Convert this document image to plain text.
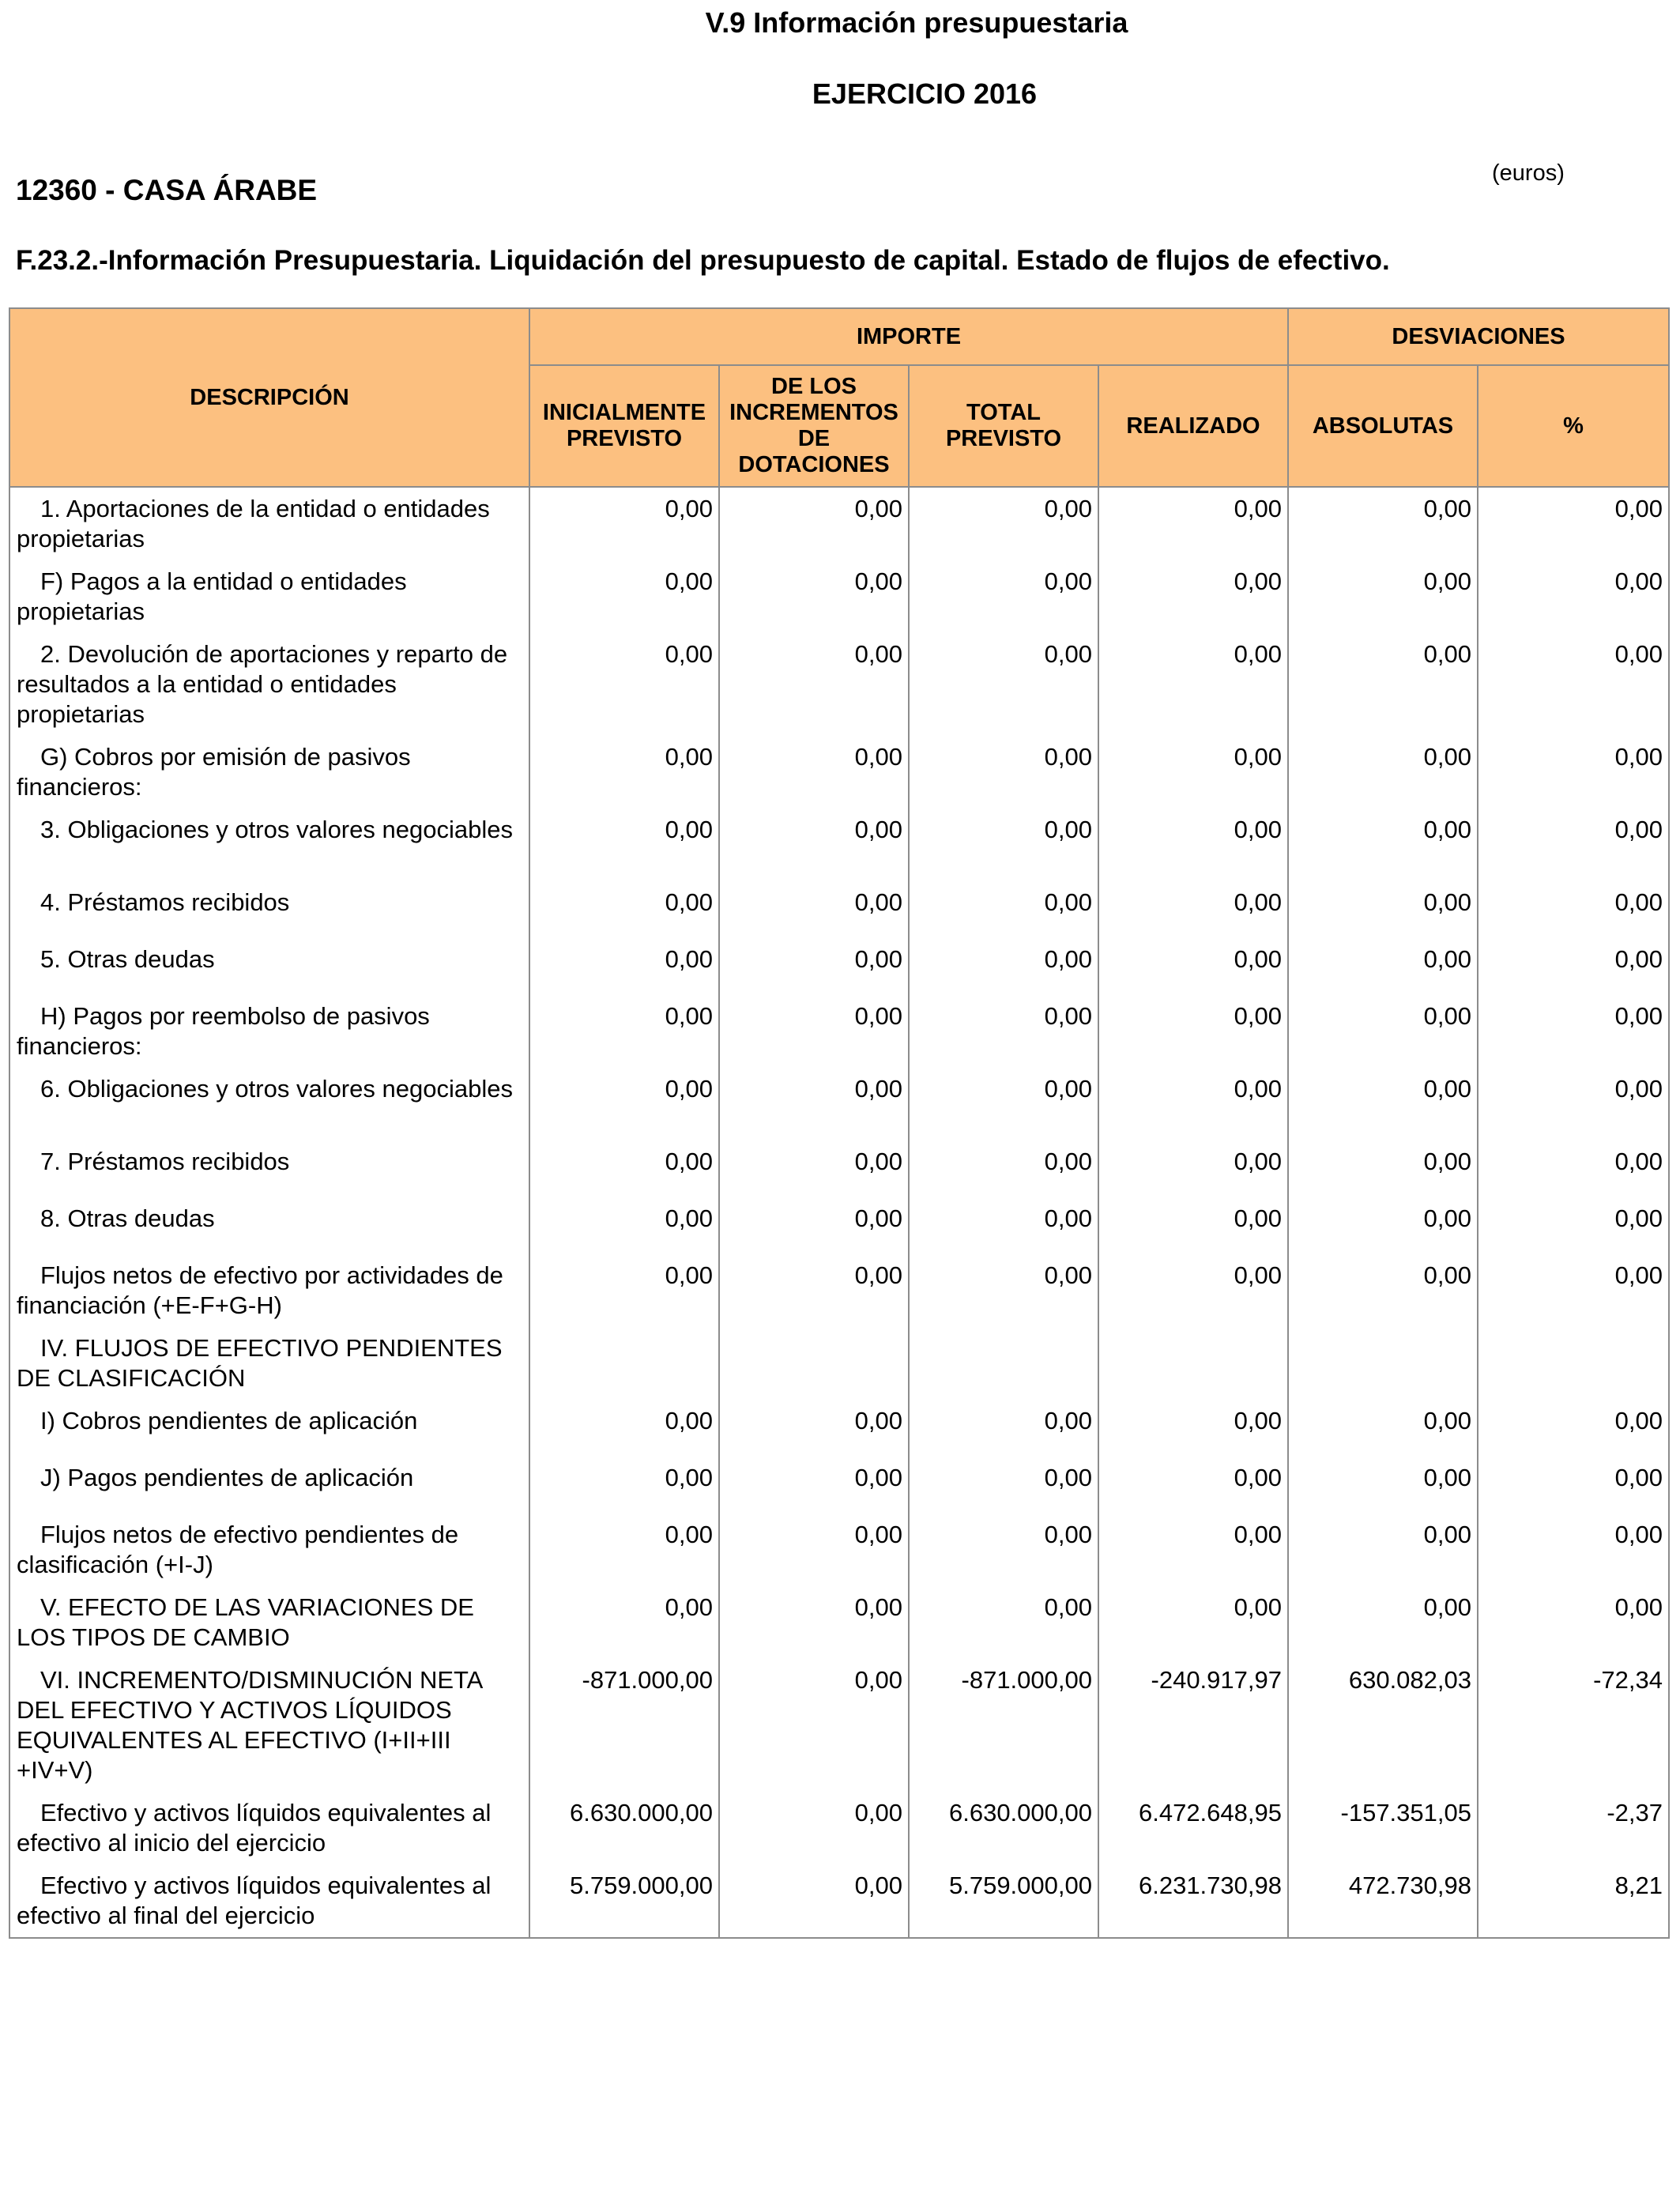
V.9 Información presupuestaria
EJERCICIO 2016
12360 - CASA ÁRABE
(euros)
F.23.2.-Información Presupuestaria. Liquidación del presupuesto de capital. Estado de flujos de efectivo.
DESCRIPCIÓN	IMPORTE				DESVIACIONES	
	INICIALMENTE PREVISTO	DE LOS INCREMENTOS DE DOTACIONES	TOTAL PREVISTO	REALIZADO	ABSOLUTAS	%
1. Aportaciones de la entidad o entidades propietarias	0,00	0,00	0,00	0,00	0,00	0,00
F) Pagos a la entidad o entidades propietarias	0,00	0,00	0,00	0,00	0,00	0,00
2. Devolución de aportaciones y reparto de resultados a la entidad o entidades propietarias	0,00	0,00	0,00	0,00	0,00	0,00
G) Cobros por emisión de pasivos financieros:	0,00	0,00	0,00	0,00	0,00	0,00
3. Obligaciones y otros valores negociables	0,00	0,00	0,00	0,00	0,00	0,00
4. Préstamos recibidos	0,00	0,00	0,00	0,00	0,00	0,00
5. Otras deudas	0,00	0,00	0,00	0,00	0,00	0,00
H) Pagos por reembolso de pasivos financieros:	0,00	0,00	0,00	0,00	0,00	0,00
6. Obligaciones y otros valores negociables	0,00	0,00	0,00	0,00	0,00	0,00
7. Préstamos recibidos	0,00	0,00	0,00	0,00	0,00	0,00
8. Otras deudas	0,00	0,00	0,00	0,00	0,00	0,00
Flujos netos de efectivo por actividades de financiación (+E-F+G-H)	0,00	0,00	0,00	0,00	0,00	0,00
IV. FLUJOS DE EFECTIVO PENDIENTES DE CLASIFICACIÓN						
I) Cobros pendientes de aplicación	0,00	0,00	0,00	0,00	0,00	0,00
J) Pagos pendientes de aplicación	0,00	0,00	0,00	0,00	0,00	0,00
Flujos netos de efectivo pendientes de clasificación (+I-J)	0,00	0,00	0,00	0,00	0,00	0,00
V. EFECTO DE LAS VARIACIONES DE LOS TIPOS DE CAMBIO	0,00	0,00	0,00	0,00	0,00	0,00
VI. INCREMENTO/DISMINUCIÓN NETA DEL EFECTIVO Y ACTIVOS LÍQUIDOS EQUIVALENTES AL EFECTIVO (I+II+III +IV+V)	-871.000,00	0,00	-871.000,00	-240.917,97	630.082,03	-72,34
Efectivo y activos líquidos equivalentes al efectivo al inicio del ejercicio	6.630.000,00	0,00	6.630.000,00	6.472.648,95	-157.351,05	-2,37
Efectivo y activos líquidos equivalentes al efectivo al final del ejercicio	5.759.000,00	0,00	5.759.000,00	6.231.730,98	472.730,98	8,21
